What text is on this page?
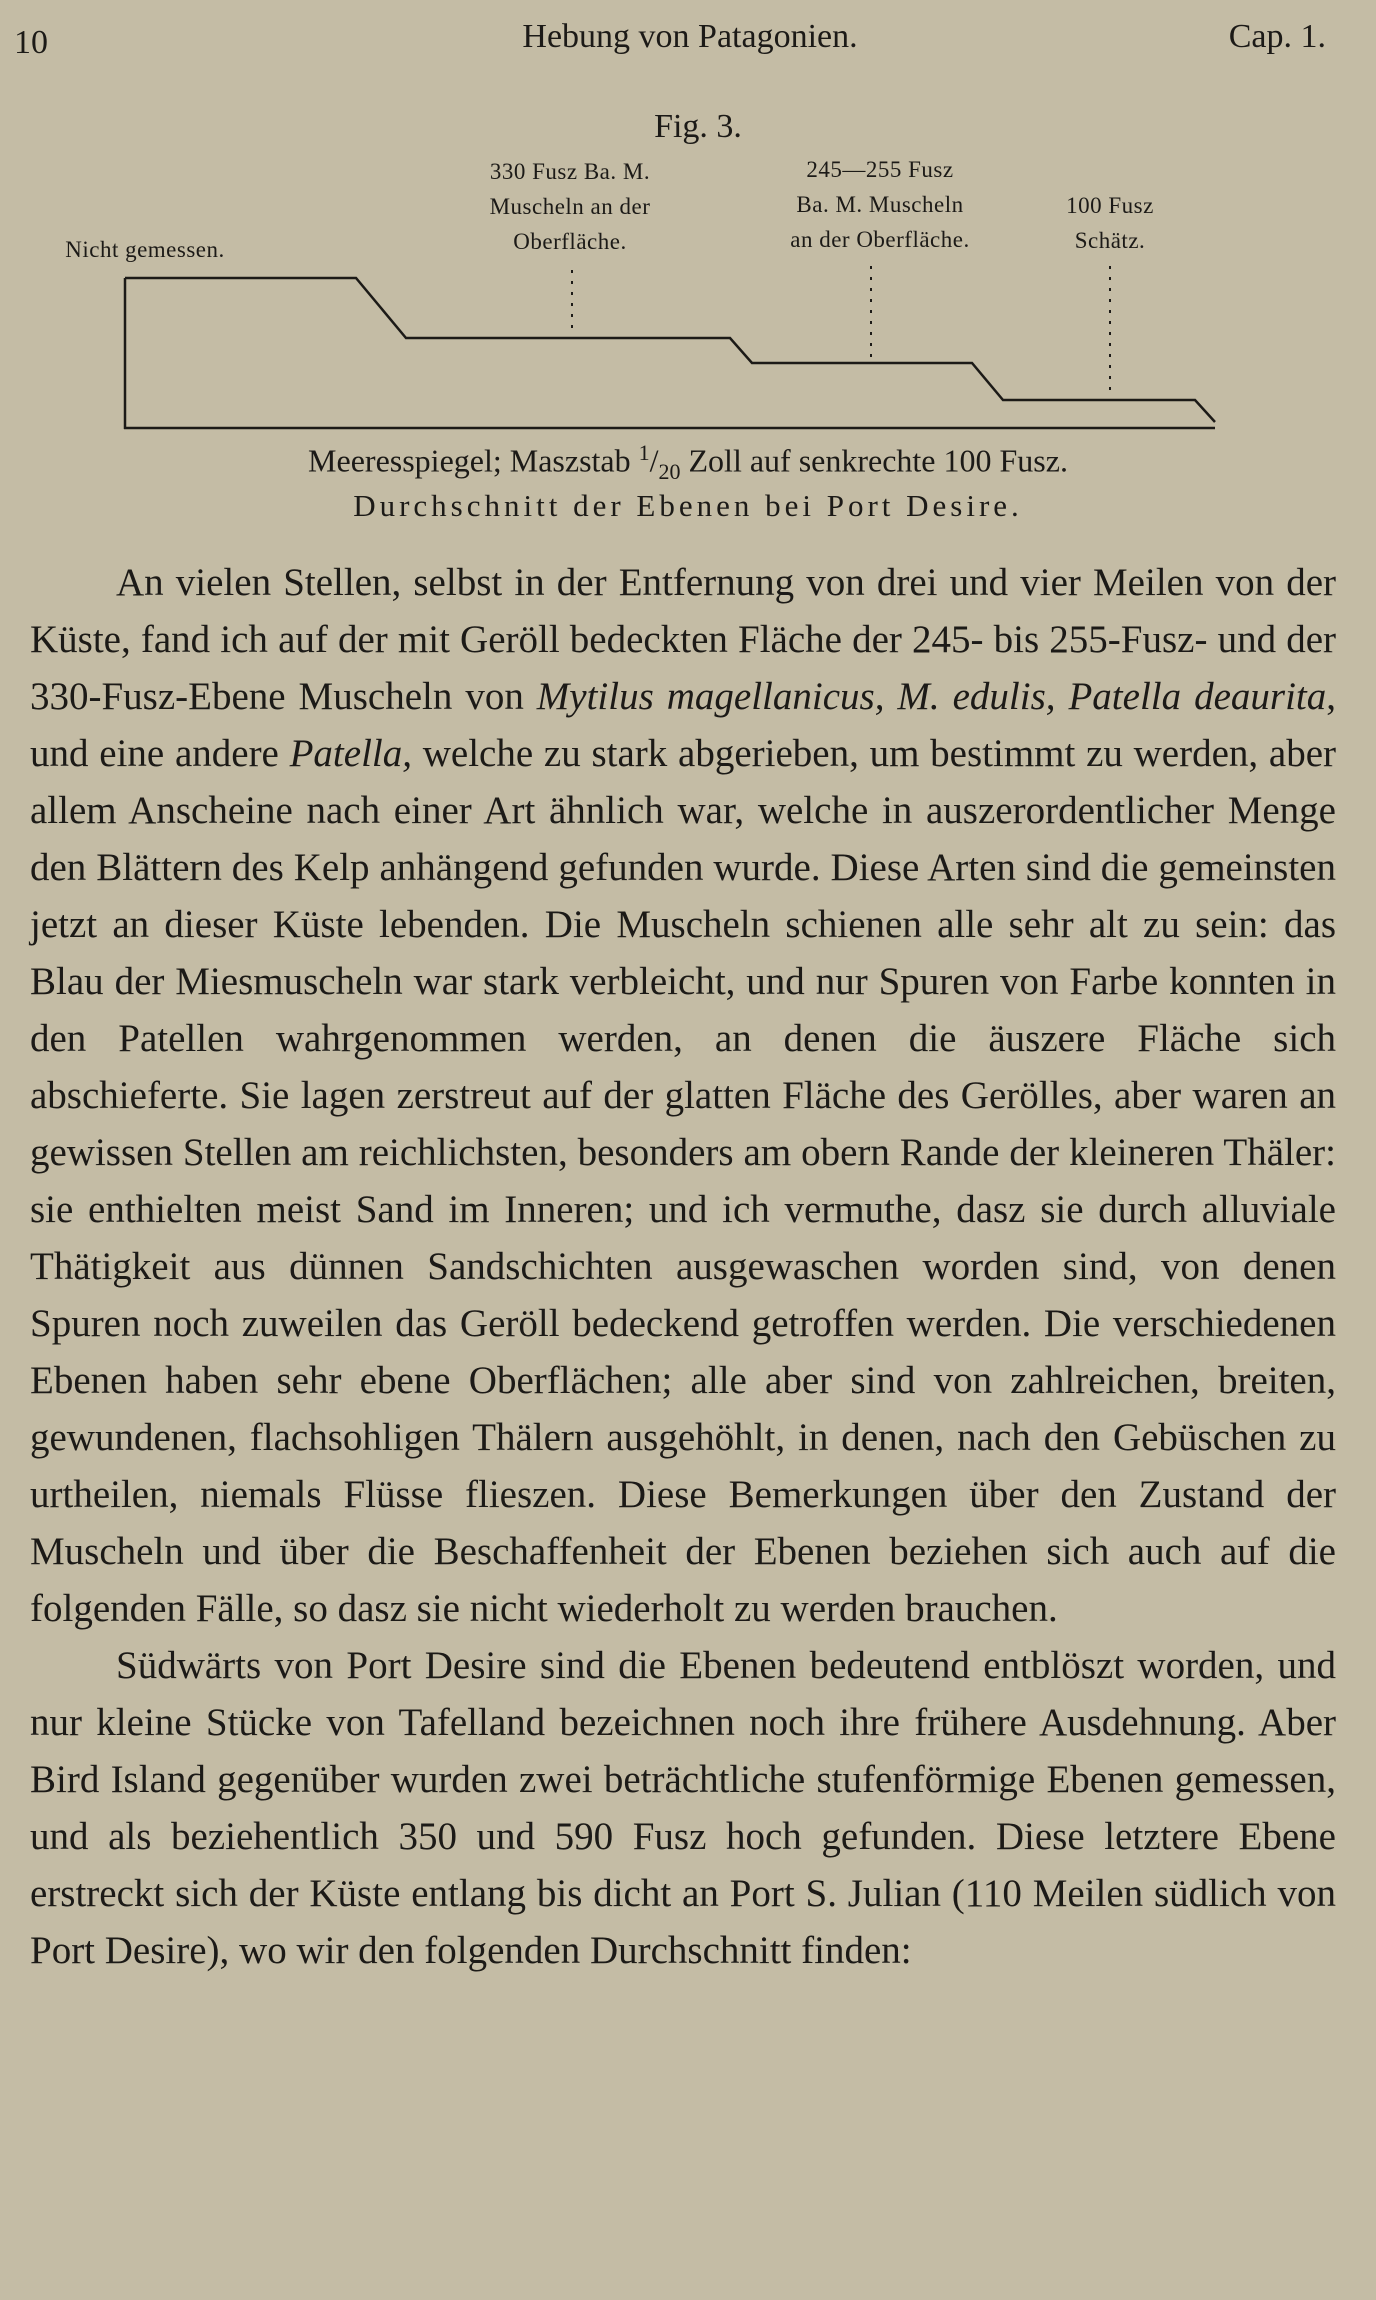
10	Hebung von Patagonien.	Cap. 1.
Fig. 3.
Nicht gemessen.
330 Fusz Ba. M.
Muscheln an der
Oberfläche.
245—255 Fusz
Ba. M. Muscheln
an der Oberfläche.
100 Fusz
Schätz.
Meeresspiegel; Maszstab $^1/_{20}$ Zoll auf senkrechte 100 Fusz.
Durchschnitt der Ebenen bei Port Desire.

An vielen Stellen, selbst in der Entfernung von drei und vier Meilen von der Küste, fand ich auf der mit Geröll bedeckten Fläche der 245- bis 255-Fusz- und der 330-Fusz-Ebene Muscheln von Mytilus magellanicus, M. edulis, Patella deaurita, und eine andere Patella, welche zu stark abgerieben, um bestimmt zu werden, aber allem Anscheine nach einer Art ähnlich war, welche in auszerordentlicher Menge den Blättern des Kelp anhängend gefunden wurde. Diese Arten sind die gemeinsten jetzt an dieser Küste lebenden. Die Muscheln schienen alle sehr alt zu sein: das Blau der Miesmuscheln war stark verbleicht, und nur Spuren von Farbe konnten in den Patellen wahrgenommen werden, an denen die äuszere Fläche sich abschieferte. Sie lagen zerstreut auf der glatten Fläche des Gerölles, aber waren an gewissen Stellen am reichlichsten, besonders am obern Rande der kleineren Thäler: sie enthielten meist Sand im Inneren; und ich vermuthe, dasz sie durch alluviale Thätigkeit aus dünnen Sandschichten ausgewaschen worden sind, von denen Spuren noch zuweilen das Geröll bedeckend getroffen werden. Die verschiedenen Ebenen haben sehr ebene Oberflächen; alle aber sind von zahlreichen, breiten, gewundenen, flachsohligen Thälern ausgehöhlt, in denen, nach den Gebüschen zu urtheilen, niemals Flüsse flieszen. Diese Bemerkungen über den Zustand der Muscheln und über die Beschaffenheit der Ebenen beziehen sich auch auf die folgenden Fälle, so dasz sie nicht wiederholt zu werden brauchen.

Südwärts von Port Desire sind die Ebenen bedeutend entblöszt worden, und nur kleine Stücke von Tafelland bezeichnen noch ihre frühere Ausdehnung. Aber Bird Island gegenüber wurden zwei beträchtliche stufenförmige Ebenen gemessen, und als beziehentlich 350 und 590 Fusz hoch gefunden. Diese letztere Ebene erstreckt sich der Küste entlang bis dicht an Port S. Julian (110 Meilen südlich von Port Desire), wo wir den folgenden Durchschnitt finden:
